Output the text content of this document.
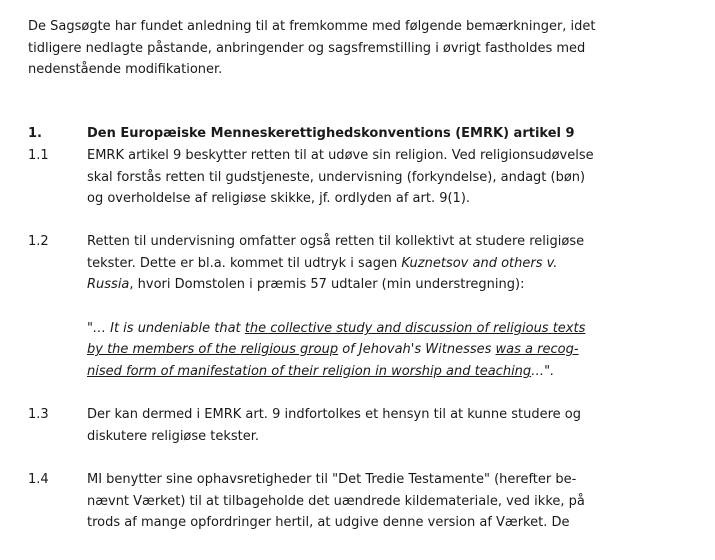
De Sagsøgte har fundet anledning til at fremkomme med følgende bemærkninger, idet
tidligere nedlagte påstande, anbringender og sagsfremstilling i øvrigt fastholdes med
nedenstående modifikationer.
1.	Den Europæiske Menneskerettighedskonventions (EMRK) artikel 9
1.1	EMRK artikel 9 beskytter retten til at udøve sin religion. Ved religionsudøvelse
skal forstås retten til gudstjeneste, undervisning (forkyndelse), andagt (bøn)
og overholdelse af religiøse skikke, jf. ordlyden af art. 9(1).
1.2	Retten til undervisning omfatter også retten til kollektivt at studere religiøse
tekster. Dette er bl.a. kommet til udtryk i sagen Kuznetsov and others v.
Russia, hvori Domstolen i præmis 57 udtaler (min understregning):
"… It is undeniable that the collective study and discussion of religious texts
by the members of the religious group of Jehovah's Witnesses was a recog-
nised form of manifestation of their religion in worship and teaching…".
1.3	Der kan dermed i EMRK art. 9 indfortolkes et hensyn til at kunne studere og
diskutere religiøse tekster.
1.4	MI benytter sine ophavsretigheder til "Det Tredie Testamente" (herefter be-
nævnt Værket) til at tilbageholde det uændrede kildemateriale, ved ikke, på
trods af mange opfordringer hertil, at udgive denne version af Værket. De
